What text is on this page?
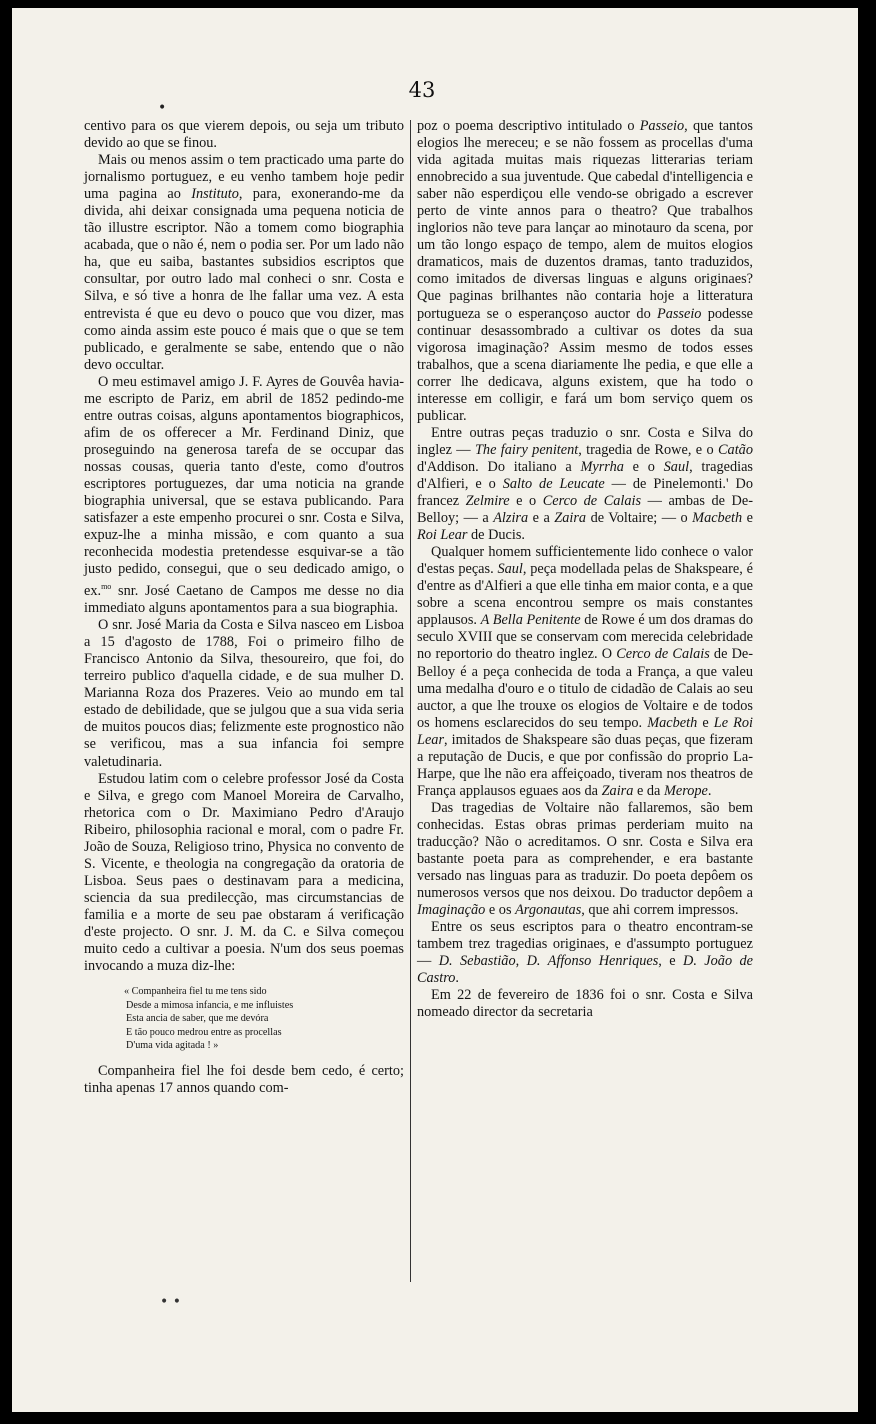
43
•

centivo para os que vierem depois, ou seja um tributo devido ao que se finou.

Mais ou menos assim o tem practicado uma parte do jornalismo portuguez, e eu venho tambem hoje pedir uma pagina ao Instituto, para, exonerando-me da divida, ahi deixar consignada uma pequena noticia de tão illustre escriptor. Não a tomem como biographia acabada, que o não é, nem o podia ser. Por um lado não ha, que eu saiba, bastantes subsidios escriptos que consultar, por outro lado mal conheci o snr. Costa e Silva, e só tive a honra de lhe fallar uma vez. A esta entrevista é que eu devo o pouco que vou dizer, mas como ainda assim este pouco é mais que o que se tem publicado, e geralmente se sabe, entendo que o não devo occultar.

O meu estimavel amigo J. F. Ayres de Gouvêa havia-me escripto de Pariz, em abril de 1852 pedindo-me entre outras coisas, alguns apontamentos biographicos, afim de os offerecer a Mr. Ferdinand Diniz, que proseguindo na generosa tarefa de se occupar das nossas cousas, queria tanto d'este, como d'outros escriptores portuguezes, dar uma noticia na grande biographia universal, que se estava publicando. Para satisfazer a este empenho procurei o snr. Costa e Silva, expuz-lhe a minha missão, e com quanto a sua reconhecida modestia pretendesse esquivar-se a tão justo pedido, consegui, que o seu dedicado amigo, o ex.$^{mo}$ snr. José Caetano de Campos me desse no dia immediato alguns apontamentos para a sua biographia.

O snr. José Maria da Costa e Silva nasceo em Lisboa a 15 d'agosto de 1788, Foi o primeiro filho de Francisco Antonio da Silva, thesoureiro, que foi, do terreiro publico d'aquella cidade, e de sua mulher D. Marianna Roza dos Prazeres. Veio ao mundo em tal estado de debilidade, que se julgou que a sua vida seria de muitos poucos dias; felizmente este prognostico não se verificou, mas a sua infancia foi sempre valetudinaria.

Estudou latim com o celebre professor José da Costa e Silva, e grego com Manoel Moreira de Carvalho, rhetorica com o Dr. Maximiano Pedro d'Araujo Ribeiro, philosophia racional e moral, com o padre Fr. João de Souza, Religioso trino, Physica no convento de S. Vicente, e theologia na congregação da oratoria de Lisboa. Seus paes o destinavam para a medicina, sciencia da sua predilecção, mas circumstancias de familia e a morte de seu pae obstaram á verificação d'este projecto. O snr. J. M. da C. e Silva começou muito cedo a cultivar a poesia. N'um dos seus poemas invocando a muza diz-lhe:

« Companheira fiel tu me tens sido
Desde a mimosa infancia, e me influistes
Esta ancia de saber, que me devóra
E tão pouco medrou entre as procellas
D'uma vida agitada ! »

Companheira fiel lhe foi desde bem cedo, é certo; tinha apenas 17 annos quando com-

poz o poema descriptivo intitulado o Passeio, que tantos elogios lhe mereceu; e se não fossem as procellas d'uma vida agitada muitas mais riquezas litterarias teriam ennobrecido a sua juventude. Que cabedal d'intelligencia e saber não esperdiçou elle vendo-se obrigado a escrever perto de vinte annos para o theatro? Que trabalhos inglorios não teve para lançar ao minotauro da scena, por um tão longo espaço de tempo, alem de muitos elogios dramaticos, mais de duzentos dramas, tanto traduzidos, como imitados de diversas linguas e alguns originaes? Que paginas brilhantes não contaria hoje a litteratura portugueza se o esperançoso auctor do Passeio podesse continuar desassombrado a cultivar os dotes da sua vigorosa imaginação? Assim mesmo de todos esses trabalhos, que a scena diariamente lhe pedia, e que elle a correr lhe dedicava, alguns existem, que ha todo o interesse em colligir, e fará um bom serviço quem os publicar.

Entre outras peças traduzio o snr. Costa e Silva do inglez — The fairy penitent, tragedia de Rowe, e o Catão d'Addison. Do italiano a Myrrha e o Saul, tragedias d'Alfieri, e o Salto de Leucate — de Pinelemonti.' Do francez Zelmire e o Cerco de Calais — ambas de De-Belloy; — a Alzira e a Zaira de Voltaire; — o Macbeth e Roi Lear de Ducis.

Qualquer homem sufficientemente lido conhece o valor d'estas peças. Saul, peça modellada pelas de Shakspeare, é d'entre as d'Alfieri a que elle tinha em maior conta, e a que sobre a scena encontrou sempre os mais constantes applausos. A Bella Penitente de Rowe é um dos dramas do seculo XVIII que se conservam com merecida celebridade no reportorio do theatro inglez. O Cerco de Calais de De-Belloy é a peça conhecida de toda a França, a que valeu uma medalha d'ouro e o titulo de cidadão de Calais ao seu auctor, a que lhe trouxe os elogios de Voltaire e de todos os homens esclarecidos do seu tempo. Macbeth e Le Roi Lear, imitados de Shakspeare são duas peças, que fizeram a reputação de Ducis, e que por confissão do proprio La-Harpe, que lhe não era affeiçoado, tiveram nos theatros de França applausos eguaes aos da Zaira e da Merope.

Das tragedias de Voltaire não fallaremos, são bem conhecidas. Estas obras primas perderiam muito na traducção? Não o acreditamos. O snr. Costa e Silva era bastante poeta para as comprehender, e era bastante versado nas linguas para as traduzir. Do poeta depôem os numerosos versos que nos deixou. Do traductor depôem a Imaginação e os Argonautas, que ahi correm impressos.

Entre os seus escriptos para o theatro encontram-se tambem trez tragedias originaes, e d'assumpto portuguez — D. Sebastião, D. Affonso Henriques, e D. João de Castro.

Em 22 de fevereiro de 1836 foi o snr. Costa e Silva nomeado director da secretaria

• •
